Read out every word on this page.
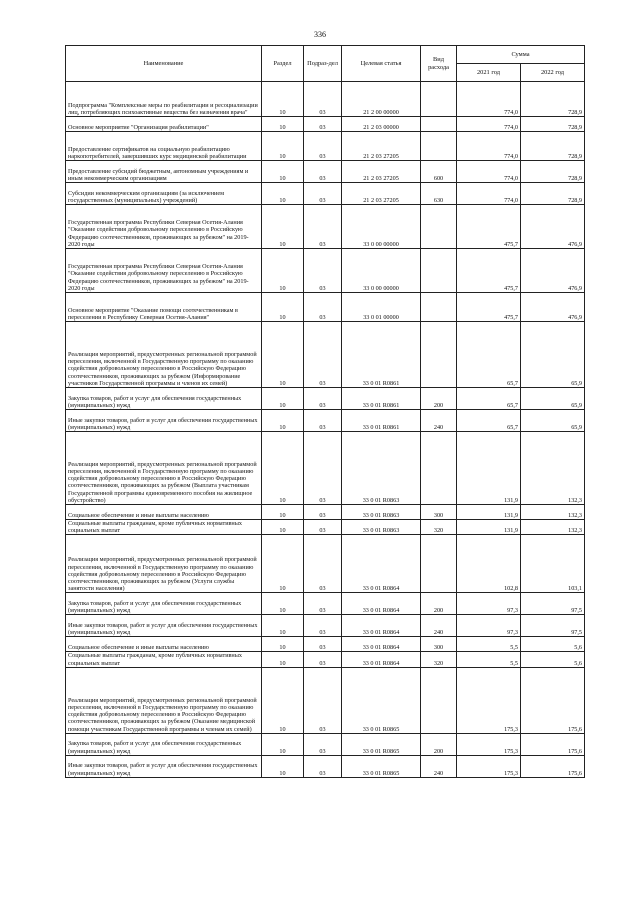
336
Наименование	Раздел	Подраз-дел	Целевая статья	Вид расхода	Сумма	
					2021 год	2022 год
Подпрограмма "Комплексные меры по реабилитации и ресоциализации лиц, потребляющих психоактивные вещества без назначения врача"	10	03	21 2 00 00000		774,0	728,9
Основное мероприятие "Организация реабилитации"	10	03	21 2 03 00000		774,0	728,9
Предоставление сертификатов на социальную реабилитацию наркопотребителей, завершивших курс медицинской реабилитации	10	03	21 2 03 27205		774,0	728,9
Предоставление субсидий бюджетным, автономным учреждениям и иным некоммерческим организациям	10	03	21 2 03 27205	600	774,0	728,9
Субсидии некоммерческим организациям (за исключением государственных (муниципальных) учреждений)	10	03	21 2 03 27205	630	774,0	728,9
Государственная программа Республики Северная Осетия-Алания "Оказание содействия добровольному переселению в Российскую Федерацию соотечественников, проживающих за рубежом" на 2019-2020 годы	10	03	33 0 00 00000		475,7	476,9
Государственная программа Республики Северная Осетия-Алания "Оказание содействия добровольному переселению в Российскую Федерацию соотечественников, проживающих за рубежом" на 2019-2020 годы	10	03	33 0 00 00000		475,7	476,9
Основное мероприятие "Оказание помощи соотечественникам в переселении в Республику Северная Осетия-Алания"	10	03	33 0 01 00000		475,7	476,9
Реализация мероприятий, предусмотренных региональной программой переселения, включенной в Государственную программу по оказанию содействия добровольному переселению в Российскую Федерацию соотечественников, проживающих за рубежом (Информирование участников Государственной программы и членов их семей)	10	03	33 0 01 R0861		65,7	65,9
Закупка товаров, работ и услуг для обеспечения государственных (муниципальных) нужд	10	03	33 0 01 R0861	200	65,7	65,9
Иные закупки товаров, работ и услуг для обеспечения государственных (муниципальных) нужд	10	03	33 0 01 R0861	240	65,7	65,9
Реализация мероприятий, предусмотренных региональной программой переселения, включенной в Государственную программу по оказанию содействия добровольному переселению в Российскую Федерацию соотечественников, проживающих за рубежом (Выплата участникам Государственной программы единовременного пособия на жилищное обустройство)	10	03	33 0 01 R0863		131,9	132,3
Социальное обеспечение и иные выплаты населению	10	03	33 0 01 R0863	300	131,9	132,3
Социальные выплаты гражданам, кроме публичных нормативных социальных выплат	10	03	33 0 01 R0863	320	131,9	132,3
Реализация мероприятий, предусмотренных региональной программой переселения, включенной в Государственную программу по оказанию содействия добровольному переселению в Российскую Федерацию соотечественников, проживающих за рубежом (Услуги службы занятости населения)	10	03	33 0 01 R0864		102,8	103,1
Закупка товаров, работ и услуг для обеспечения государственных (муниципальных) нужд	10	03	33 0 01 R0864	200	97,3	97,5
Иные закупки товаров, работ и услуг для обеспечения государственных (муниципальных) нужд	10	03	33 0 01 R0864	240	97,3	97,5
Социальное обеспечение и иные выплаты населению	10	03	33 0 01 R0864	300	5,5	5,6
Социальные выплаты гражданам, кроме публичных нормативных социальных выплат	10	03	33 0 01 R0864	320	5,5	5,6
Реализация мероприятий, предусмотренных региональной программой переселения, включенной в Государственную программу по оказанию содействия добровольному переселению в Российскую Федерацию соотечественников, проживающих за рубежом (Оказание медицинской помощи участникам Государственной программы и членам их семей)	10	03	33 0 01 R0865		175,3	175,6
Закупка товаров, работ и услуг для обеспечения государственных (муниципальных) нужд	10	03	33 0 01 R0865	200	175,3	175,6
Иные закупки товаров, работ и услуг для обеспечения государственных (муниципальных) нужд	10	03	33 0 01 R0865	240	175,3	175,6
